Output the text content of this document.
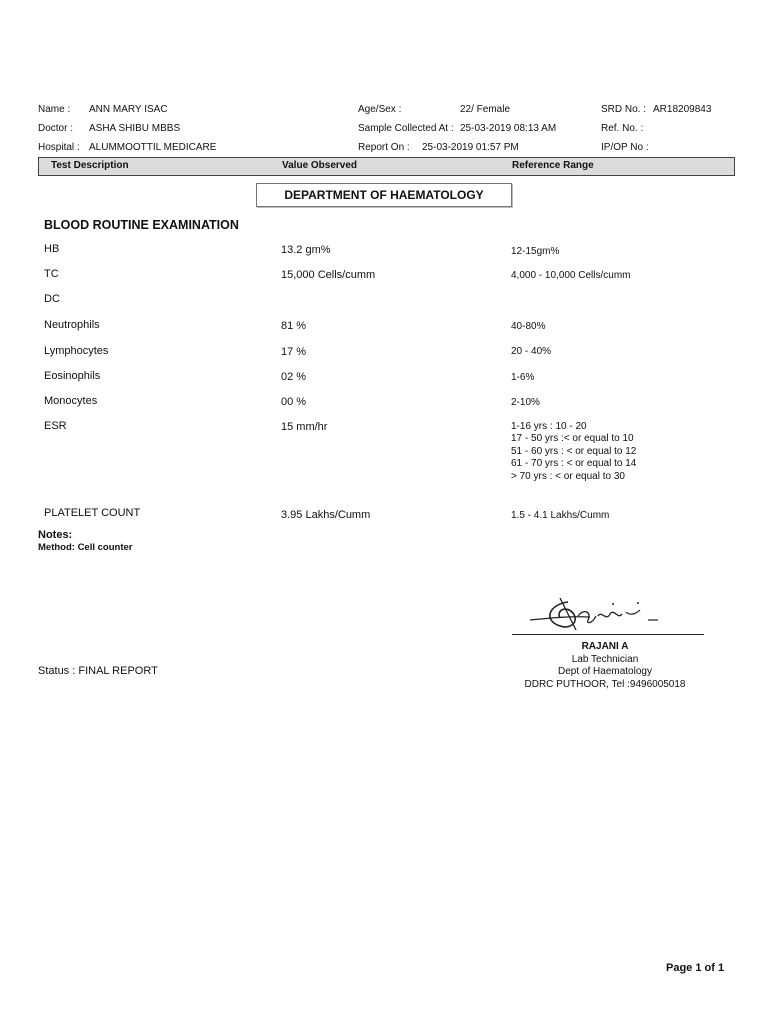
Name : ANN MARY ISAC
Doctor : ASHA SHIBU MBBS
Hospital : ALUMMOOTTIL MEDICARE
Age/Sex :	22/ Female
Sample Collected At : 25-03-2019 08:13 AM
Report On : 25-03-2019 01:57 PM
SRD No. : AR18209843
Ref. No. :
IP/OP No :
Test Description	Value Observed	Reference Range
DEPARTMENT OF HAEMATOLOGY
BLOOD ROUTINE EXAMINATION
HB	13.2 gm%	12-15gm%
TC	15,000 Cells/cumm	4,000 - 10,000 Cells/cumm
DC
Neutrophils	81 %	40-80%
Lymphocytes	17 %	20 - 40%
Eosinophils	02 %	1-6%
Monocytes	00 %	2-10%
ESR	15 mm/hr	1-16 yrs : 10 - 20
17 - 50 yrs :< or equal to 10
51 - 60 yrs : < or equal to 12
61 - 70 yrs : < or equal to 14
> 70 yrs : < or equal to 30
PLATELET COUNT	3.95 Lakhs/Cumm	1.5 - 4.1 Lakhs/Cumm
Notes:
Method: Cell counter
RAJANI A
Lab Technician
Dept of Haematology
DDRC PUTHOOR, Tel :9496005018
Status : FINAL REPORT
Page 1 of 1
